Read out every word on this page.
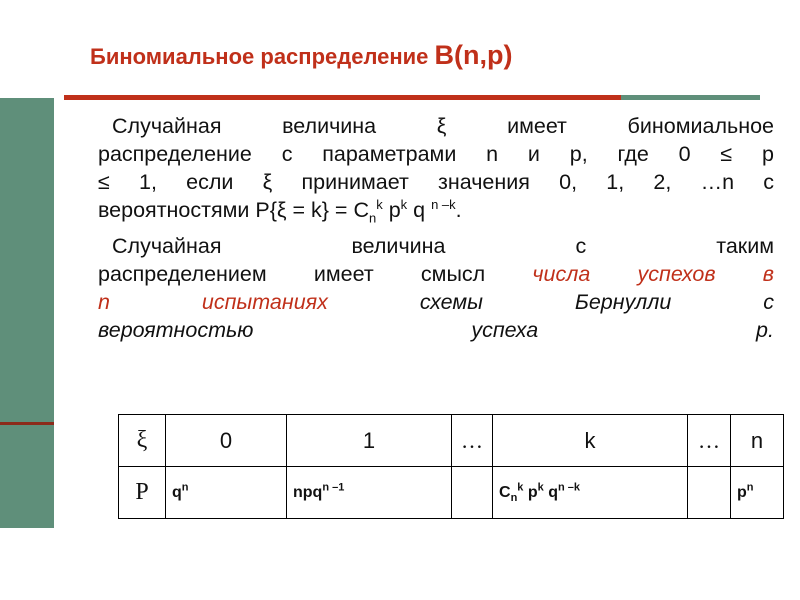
Биномиальное распределение B(n,p)

Случайная величина ξ имеет биномиальное

распределение с параметрами n и p, где 0 ≤ p

≤ 1, если ξ принимает значения 0, 1, 2, …n с

вероятностями $P\{\xi = k\} = C_n^k$ $p^k$ q $^{n -k}$.

Случайная величина с таким

распределением имеет смысл числа успехов в

n испытаниях схемы Бернулли с

вероятностью успеха p.

ξ	0	1	…	k	…	n
P	$q^n$	npq$^{n -1}$		$C_n^k$ $p^k$ $q^{n -k}$		$p^n$
